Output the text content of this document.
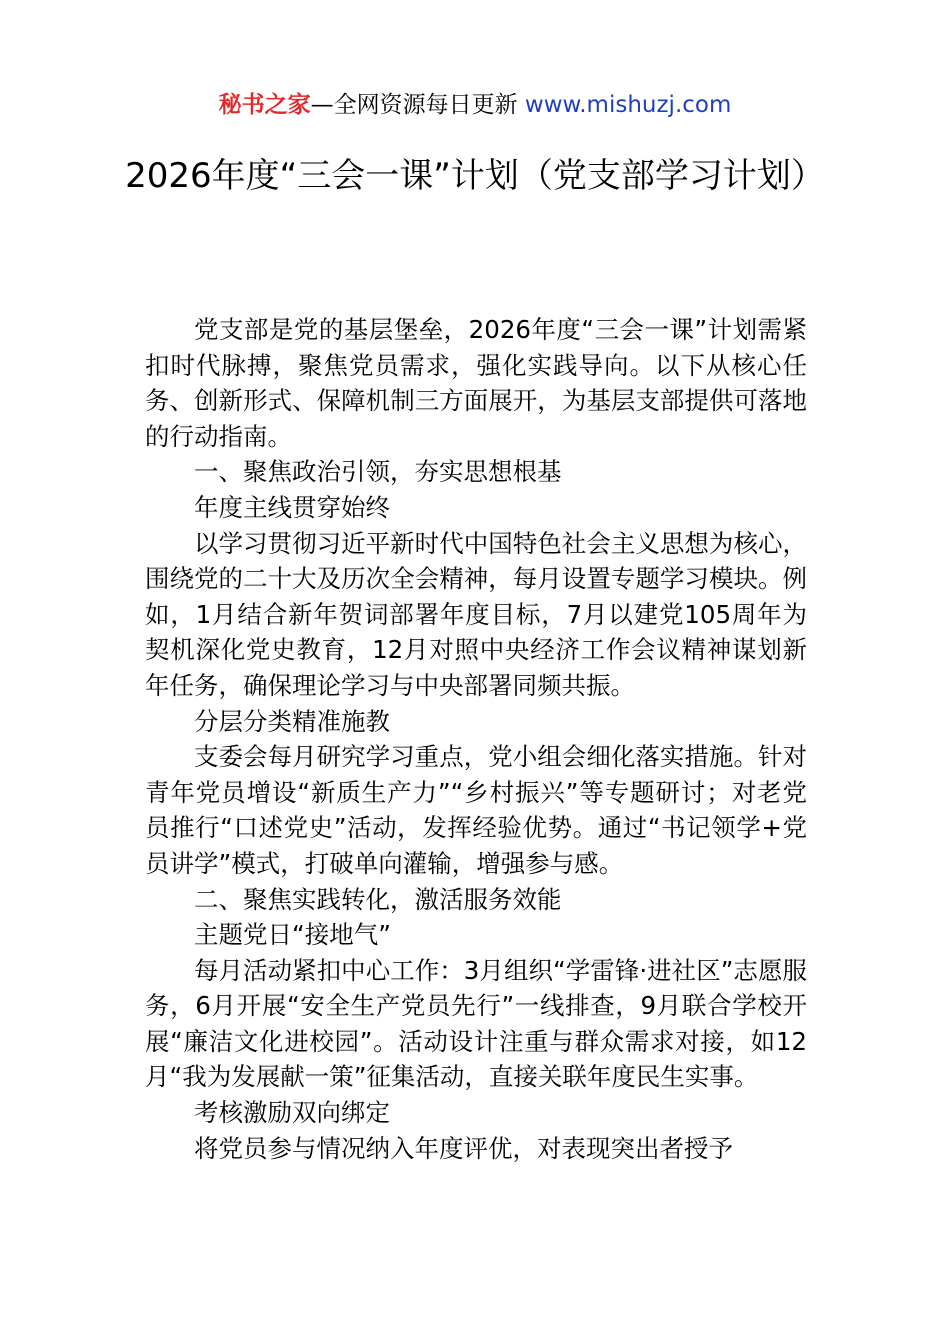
秘书之家—全网资源每日更新 www.mishuzj.com
2026年度“三会一课”计划（党支部学习计划）

党支部是党的基层堡垒，2026年度“三会一课”计划需紧扣时代脉搏，聚焦党员需求，强化实践导向。以下从核心任务、创新形式、保障机制三方面展开，为基层支部提供可落地的行动指南。

一、聚焦政治引领，夯实思想根基

年度主线贯穿始终

以学习贯彻习近平新时代中国特色社会主义思想为核心，围绕党的二十大及历次全会精神，每月设置专题学习模块。例如，1月结合新年贺词部署年度目标，7月以建党105周年为契机深化党史教育，12月对照中央经济工作会议精神谋划新年任务，确保理论学习与中央部署同频共振。

分层分类精准施教

支委会每月研究学习重点，党小组会细化落实措施。针对青年党员增设“新质生产力”“乡村振兴”等专题研讨；对老党员推行“口述党史”活动，发挥经验优势。通过“书记领学+党员讲学”模式，打破单向灌输，增强参与感。

二、聚焦实践转化，激活服务效能

主题党日“接地气”

每月活动紧扣中心工作：3月组织“学雷锋·进社区”志愿服务，6月开展“安全生产党员先行”一线排查，9月联合学校开展“廉洁文化进校园”。活动设计注重与群众需求对接，如12月“我为发展献一策”征集活动，直接关联年度民生实事。

考核激励双向绑定

将党员参与情况纳入年度评优，对表现突出者授予
